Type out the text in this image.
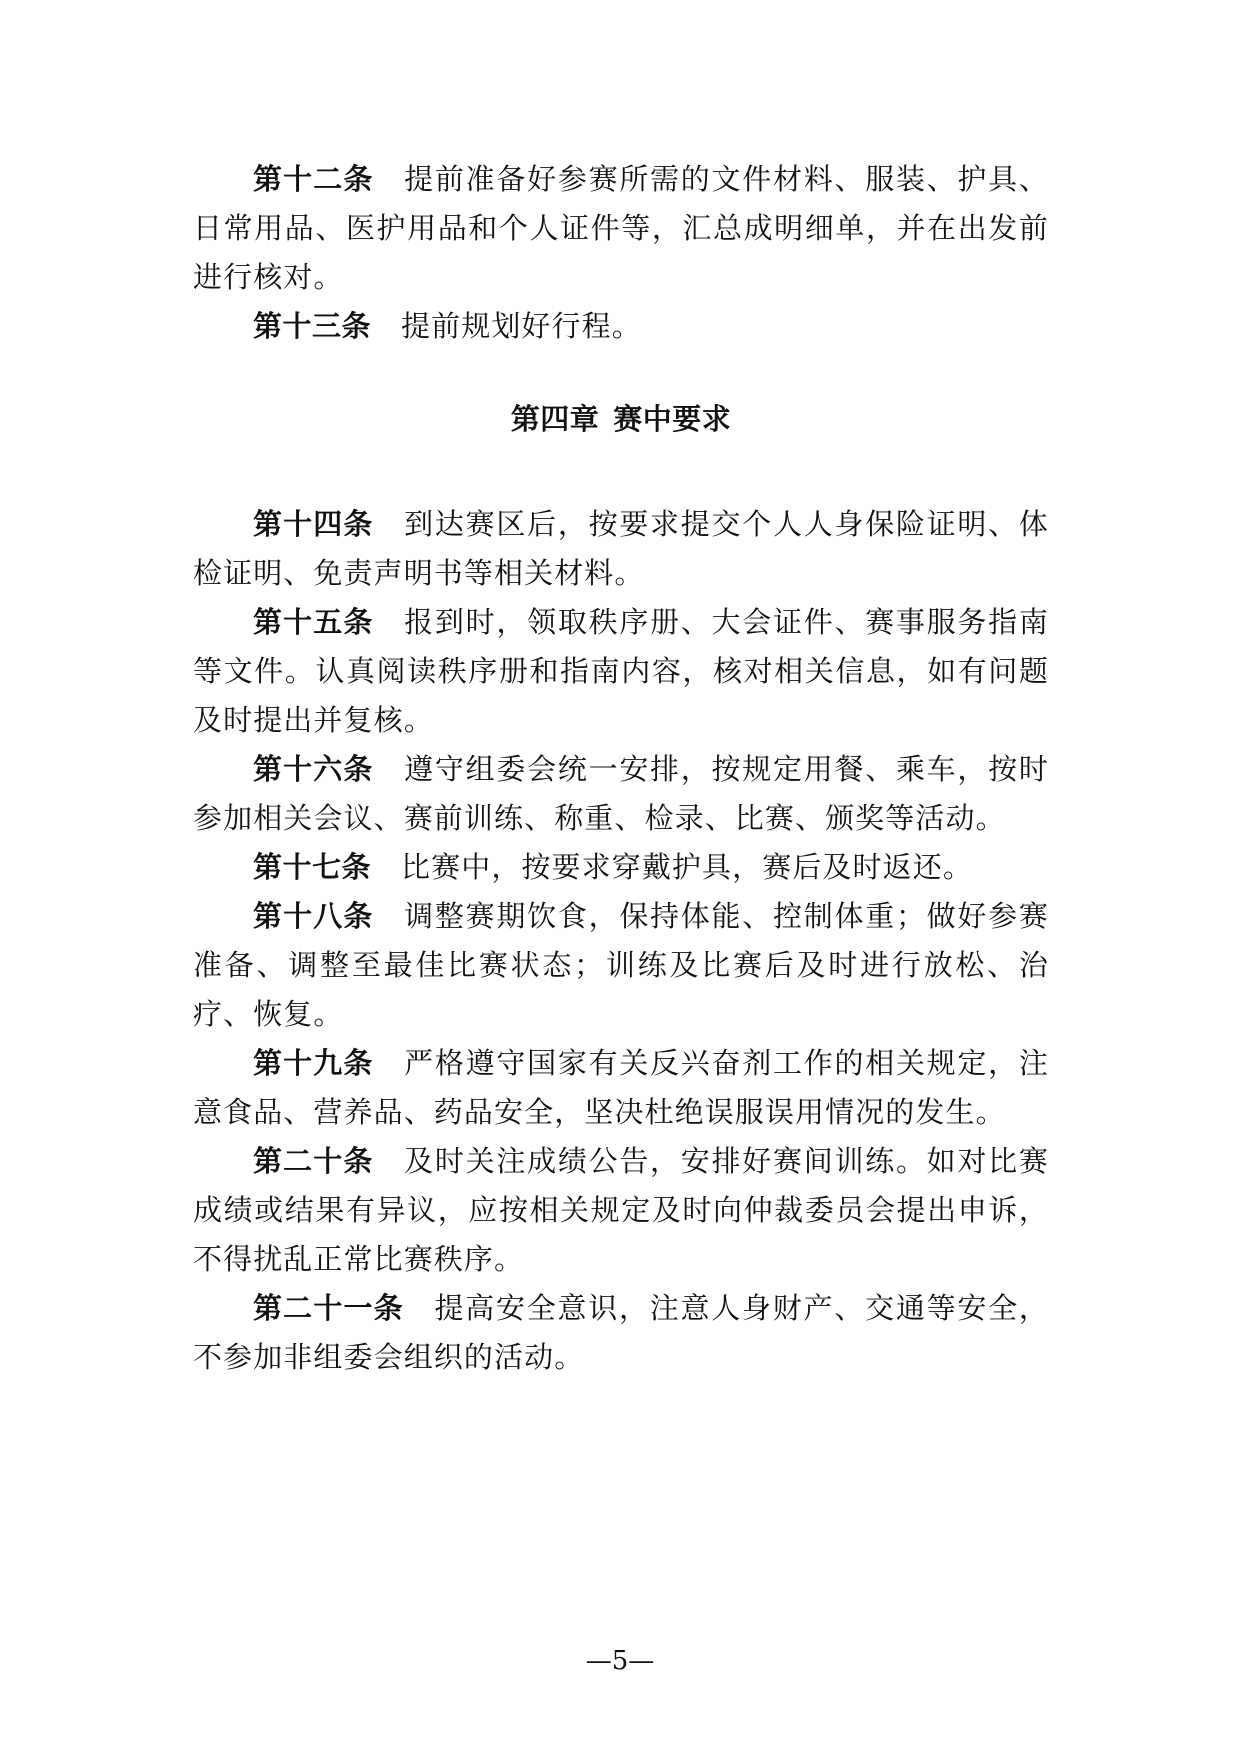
第十二条 提前准备好参赛所需的文件材料、服装、护具、日常用品、医护用品和个人证件等，汇总成明细单，并在出发前进行核对。

第十三条 提前规划好行程。

第四章 赛中要求

第十四条 到达赛区后，按要求提交个人人身保险证明、体检证明、免责声明书等相关材料。

第十五条 报到时，领取秩序册、大会证件、赛事服务指南等文件。认真阅读秩序册和指南内容，核对相关信息，如有问题及时提出并复核。

第十六条 遵守组委会统一安排，按规定用餐、乘车，按时参加相关会议、赛前训练、称重、检录、比赛、颁奖等活动。

第十七条 比赛中，按要求穿戴护具，赛后及时返还。

第十八条 调整赛期饮食，保持体能、控制体重；做好参赛准备、调整至最佳比赛状态；训练及比赛后及时进行放松、治疗、恢复。

第十九条 严格遵守国家有关反兴奋剂工作的相关规定，注意食品、营养品、药品安全，坚决杜绝误服误用情况的发生。

第二十条 及时关注成绩公告，安排好赛间训练。如对比赛成绩或结果有异议，应按相关规定及时向仲裁委员会提出申诉，不得扰乱正常比赛秩序。

第二十一条 提高安全意识，注意人身财产、交通等安全，不参加非组委会组织的活动。

—5—
